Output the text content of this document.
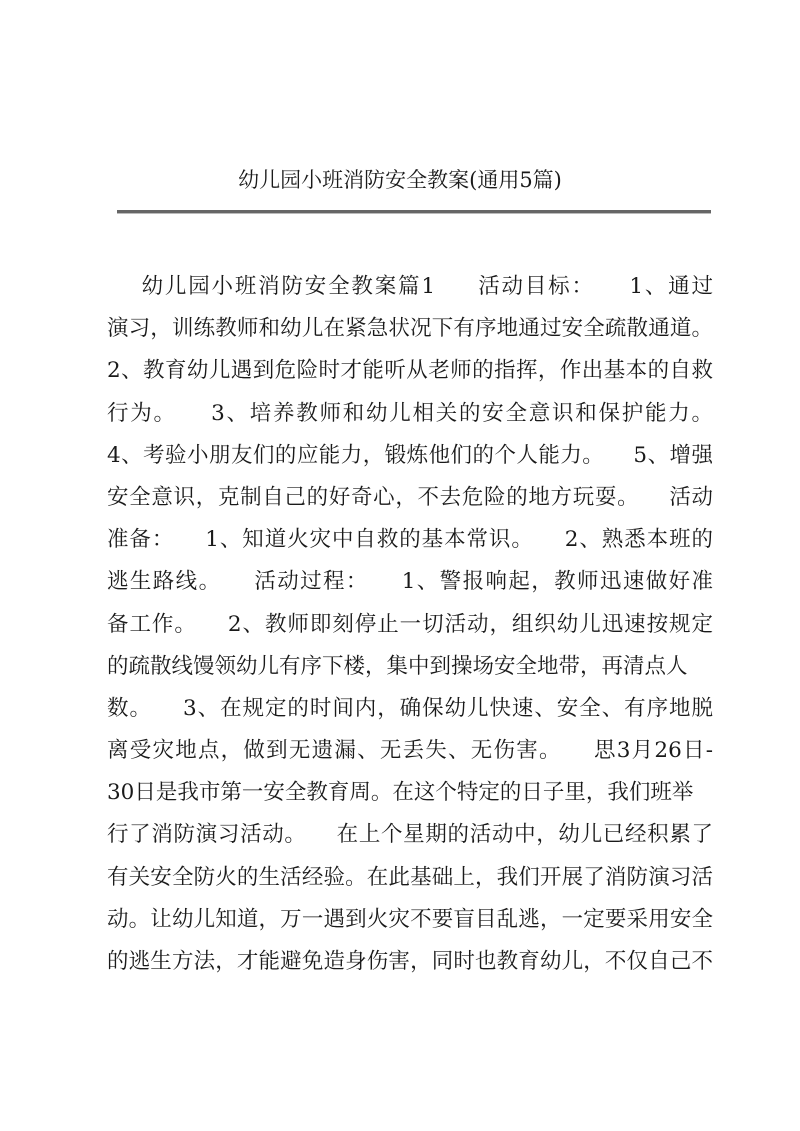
幼儿园小班消防安全教案(通用5篇)
幼儿园小班消防安全教案篇1     活动目标：    1、通过
演习，训练教师和幼儿在紧急状况下有序地通过安全疏散通道。
2、教育幼儿遇到危险时才能听从老师的指挥，作出基本的自救
行为。    3、培养教师和幼儿相关的安全意识和保护能力。
4、考验小朋友们的应能力，锻炼他们的个人能力。    5、增强
安全意识，克制自己的好奇心，不去危险的地方玩耍。    活动
准备：    1、知道火灾中自救的基本常识。    2、熟悉本班的
逃生路线。    活动过程：    1、警报响起，教师迅速做好准
备工作。    2、教师即刻停止一切活动，组织幼儿迅速按规定
的疏散线馒领幼儿有序下楼，集中到操场安全地带，再清点人
数。    3、在规定的时间内，确保幼儿快速、安全、有序地脱
离受灾地点，做到无遗漏、无丢失、无伤害。    思3月26日-
30日是我市第一安全教育周。在这个特定的日子里，我们班举
行了消防演习活动。    在上个星期的活动中，幼儿已经积累了
有关安全防火的生活经验。在此基础上，我们开展了消防演习活
动。让幼儿知道，万一遇到火灾不要盲目乱逃，一定要采用安全
的逃生方法，才能避免造身伤害，同时也教育幼儿，不仅自己不
